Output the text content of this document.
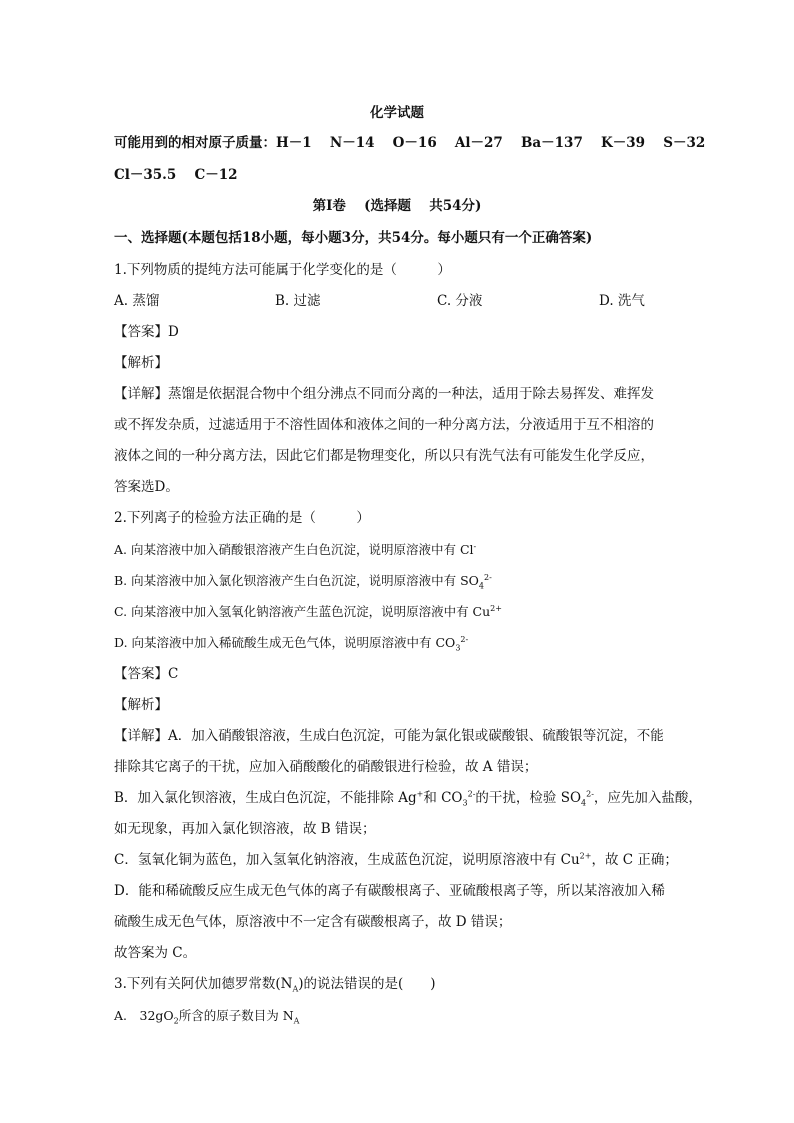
化学试题
可能用到的相对原子质量：H－1　 N－14　 O－16　 Al－27　 Ba－137　 K－39　 S－32
Cl－35.5　 C－12
第Ⅰ卷　 (选择题　 共54分)
一、选择题(本题包括18小题，每小题3分，共54分。每小题只有一个正确答案)
1.下列物质的提纯方法可能属于化学变化的是（　　　）
A. 蒸馏	B. 过滤	C. 分液	D. 洗气
【答案】D
【解析】
【详解】蒸馏是依据混合物中个组分沸点不同而分离的一种法，适用于除去易挥发、难挥发
或不挥发杂质，过滤适用于不溶性固体和液体之间的一种分离方法，分液适用于互不相溶的
液体之间的一种分离方法，因此它们都是物理变化，所以只有洗气法有可能发生化学反应，
答案选D。
2.下列离子的检验方法正确的是（　　　）
A. 向某溶液中加入硝酸银溶液产生白色沉淀，说明原溶液中有 Cl-
B. 向某溶液中加入氯化钡溶液产生白色沉淀，说明原溶液中有 $SO_4^{2-}$
C. 向某溶液中加入氢氧化钠溶液产生蓝色沉淀，说明原溶液中有 $Cu^{2+}$
D. 向某溶液中加入稀硫酸生成无色气体，说明原溶液中有 $CO_3^{2-}$
【答案】C
【解析】
【详解】A．加入硝酸银溶液，生成白色沉淀，可能为氯化银或碳酸银、硫酸银等沉淀，不能
排除其它离子的干扰，应加入硝酸酸化的硝酸银进行检验，故 A 错误；
B．加入氯化钡溶液，生成白色沉淀，不能排除 Ag+和 $CO_3^{2-}$的干扰，检验 $SO_4^{2-}$，应先加入盐酸，
如无现象，再加入氯化钡溶液，故 B 错误；
C．氢氧化铜为蓝色，加入氢氧化钠溶液，生成蓝色沉淀，说明原溶液中有 $Cu^{2+}$，故 C 正确；
D．能和稀硫酸反应生成无色气体的离子有碳酸根离子、亚硫酸根离子等，所以某溶液加入稀
硫酸生成无色气体，原溶液中不一定含有碳酸根离子，故 D 错误；
故答案为 C。
3.下列有关阿伏加德罗常数$(N_A)$的说法错误的是(　　)
A.　$32gO_2$所含的原子数目为 $N_A$
